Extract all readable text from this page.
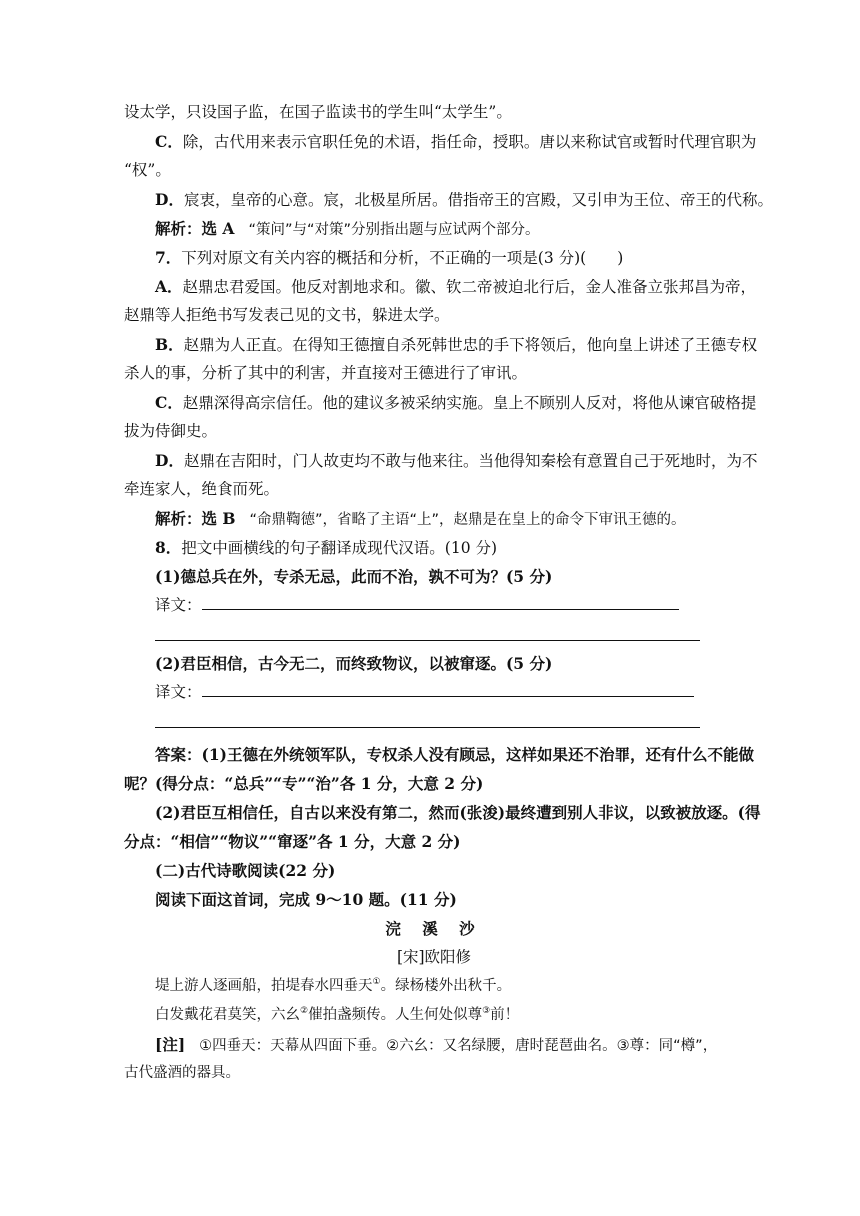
设太学，只设国子监，在国子监读书的学生叫“太学生”。
C．除，古代用来表示官职任免的术语，指任命，授职。唐以来称试官或暂时代理官职为
“权”。
D．宸衷，皇帝的心意。宸，北极星所居。借指帝王的宫殿，又引申为王位、帝王的代称。
解析：选 A “策问”与“对策”分别指出题与应试两个部分。
7．下列对原文有关内容的概括和分析，不正确的一项是(3 分)(　　)
A．赵鼎忠君爱国。他反对割地求和。徽、钦二帝被迫北行后，金人准备立张邦昌为帝，
赵鼎等人拒绝书写发表己见的文书，躲进太学。
B．赵鼎为人正直。在得知王德擅自杀死韩世忠的手下将领后，他向皇上讲述了王德专权
杀人的事，分析了其中的利害，并直接对王德进行了审讯。
C．赵鼎深得高宗信任。他的建议多被采纳实施。皇上不顾别人反对，将他从谏官破格提
拔为侍御史。
D．赵鼎在吉阳时，门人故吏均不敢与他来往。当他得知秦桧有意置自己于死地时，为不
牵连家人，绝食而死。
解析：选 B “命鼎鞫德”，省略了主语“上”，赵鼎是在皇上的命令下审讯王德的。
8．把文中画横线的句子翻译成现代汉语。(10 分)
(1)德总兵在外，专杀无忌，此而不治，孰不可为？(5 分)
译文：
(2)君臣相信，古今无二，而终致物议，以被窜逐。(5 分)
译文：
答案：(1)王德在外统领军队，专权杀人没有顾忌，这样如果还不治罪，还有什么不能做
呢？(得分点：“总兵”“专”“治”各 1 分，大意 2 分)
(2)君臣互相信任，自古以来没有第二，然而(张浚)最终遭到别人非议，以致被放逐。(得
分点：“相信”“物议”“窜逐”各 1 分，大意 2 分)
(二)古代诗歌阅读(22 分)
阅读下面这首词，完成 9～10 题。(11 分)
浣 溪 沙
[宋]欧阳修
堤上游人逐画船，拍堤春水四垂天①。绿杨楼外出秋千。
白发戴花君莫笑，六幺②催拍盏频传。人生何处似尊③前！
[注] ①四垂天：天幕从四面下垂。②六幺：又名绿腰，唐时琵琶曲名。③尊：同“樽”，
古代盛酒的器具。
